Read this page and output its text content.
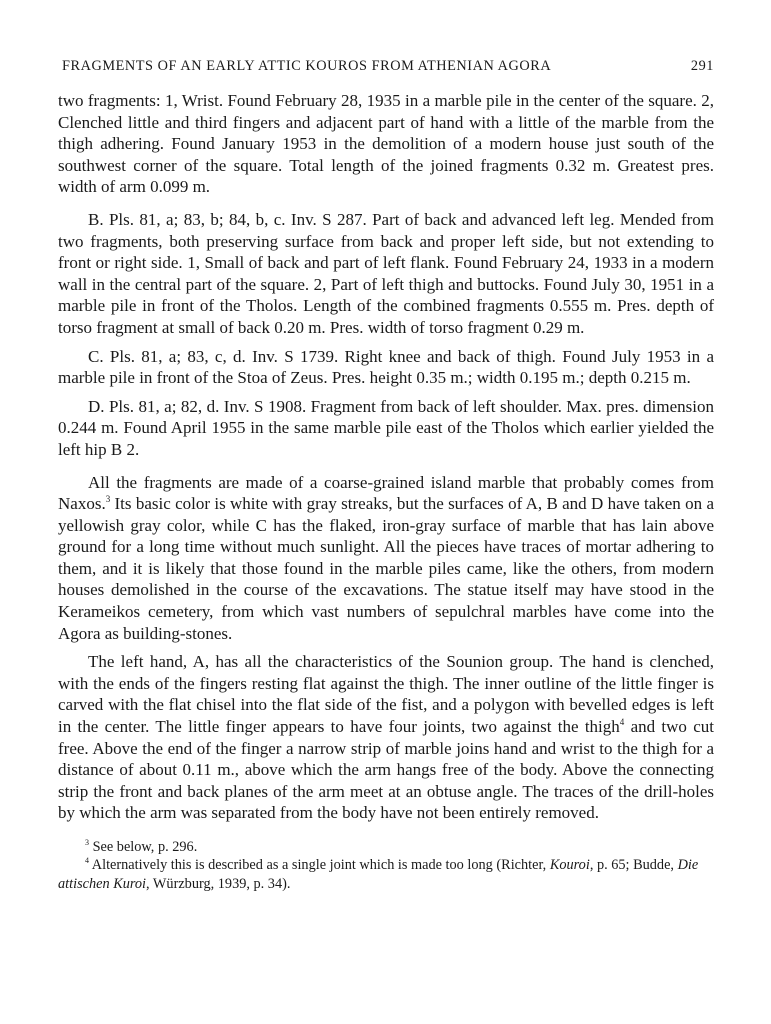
FRAGMENTS OF AN EARLY ATTIC KOUROS FROM ATHENIAN AGORA	291

two fragments: 1, Wrist. Found February 28, 1935 in a marble pile in the center of the square. 2, Clenched little and third fingers and adjacent part of hand with a little of the marble from the thigh adhering. Found January 1953 in the demolition of a modern house just south of the southwest corner of the square. Total length of the joined fragments 0.32 m. Greatest pres. width of arm 0.099 m.

B. Pls. 81, a; 83, b; 84, b, c. Inv. S 287. Part of back and advanced left leg. Mended from two fragments, both preserving surface from back and proper left side, but not extending to front or right side. 1, Small of back and part of left flank. Found February 24, 1933 in a modern wall in the central part of the square. 2, Part of left thigh and buttocks. Found July 30, 1951 in a marble pile in front of the Tholos. Length of the combined fragments 0.555 m. Pres. depth of torso fragment at small of back 0.20 m. Pres. width of torso fragment 0.29 m.

C. Pls. 81, a; 83, c, d. Inv. S 1739. Right knee and back of thigh. Found July 1953 in a marble pile in front of the Stoa of Zeus. Pres. height 0.35 m.; width 0.195 m.; depth 0.215 m.

D. Pls. 81, a; 82, d. Inv. S 1908. Fragment from back of left shoulder. Max. pres. dimension 0.244 m. Found April 1955 in the same marble pile east of the Tholos which earlier yielded the left hip B 2.

All the fragments are made of a coarse-grained island marble that probably comes from Naxos.$^3$ Its basic color is white with gray streaks, but the surfaces of A, B and D have taken on a yellowish gray color, while C has the flaked, iron-gray surface of marble that has lain above ground for a long time without much sunlight. All the pieces have traces of mortar adhering to them, and it is likely that those found in the marble piles came, like the others, from modern houses demolished in the course of the excavations. The statue itself may have stood in the Kerameikos cemetery, from which vast numbers of sepulchral marbles have come into the Agora as building-stones.

The left hand, A, has all the characteristics of the Sounion group. The hand is clenched, with the ends of the fingers resting flat against the thigh. The inner outline of the little finger is carved with the flat chisel into the flat side of the fist, and a polygon with bevelled edges is left in the center. The little finger appears to have four joints, two against the thigh$^4$ and two cut free. Above the end of the finger a narrow strip of marble joins hand and wrist to the thigh for a distance of about 0.11 m., above which the arm hangs free of the body. Above the connecting strip the front and back planes of the arm meet at an obtuse angle. The traces of the drill-holes by which the arm was separated from the body have not been entirely removed.

$^3$ See below, p. 296.

$^4$ Alternatively this is described as a single joint which is made too long (Richter, Kouroi, p. 65; Budde, Die attischen Kuroi, Würzburg, 1939, p. 34).
